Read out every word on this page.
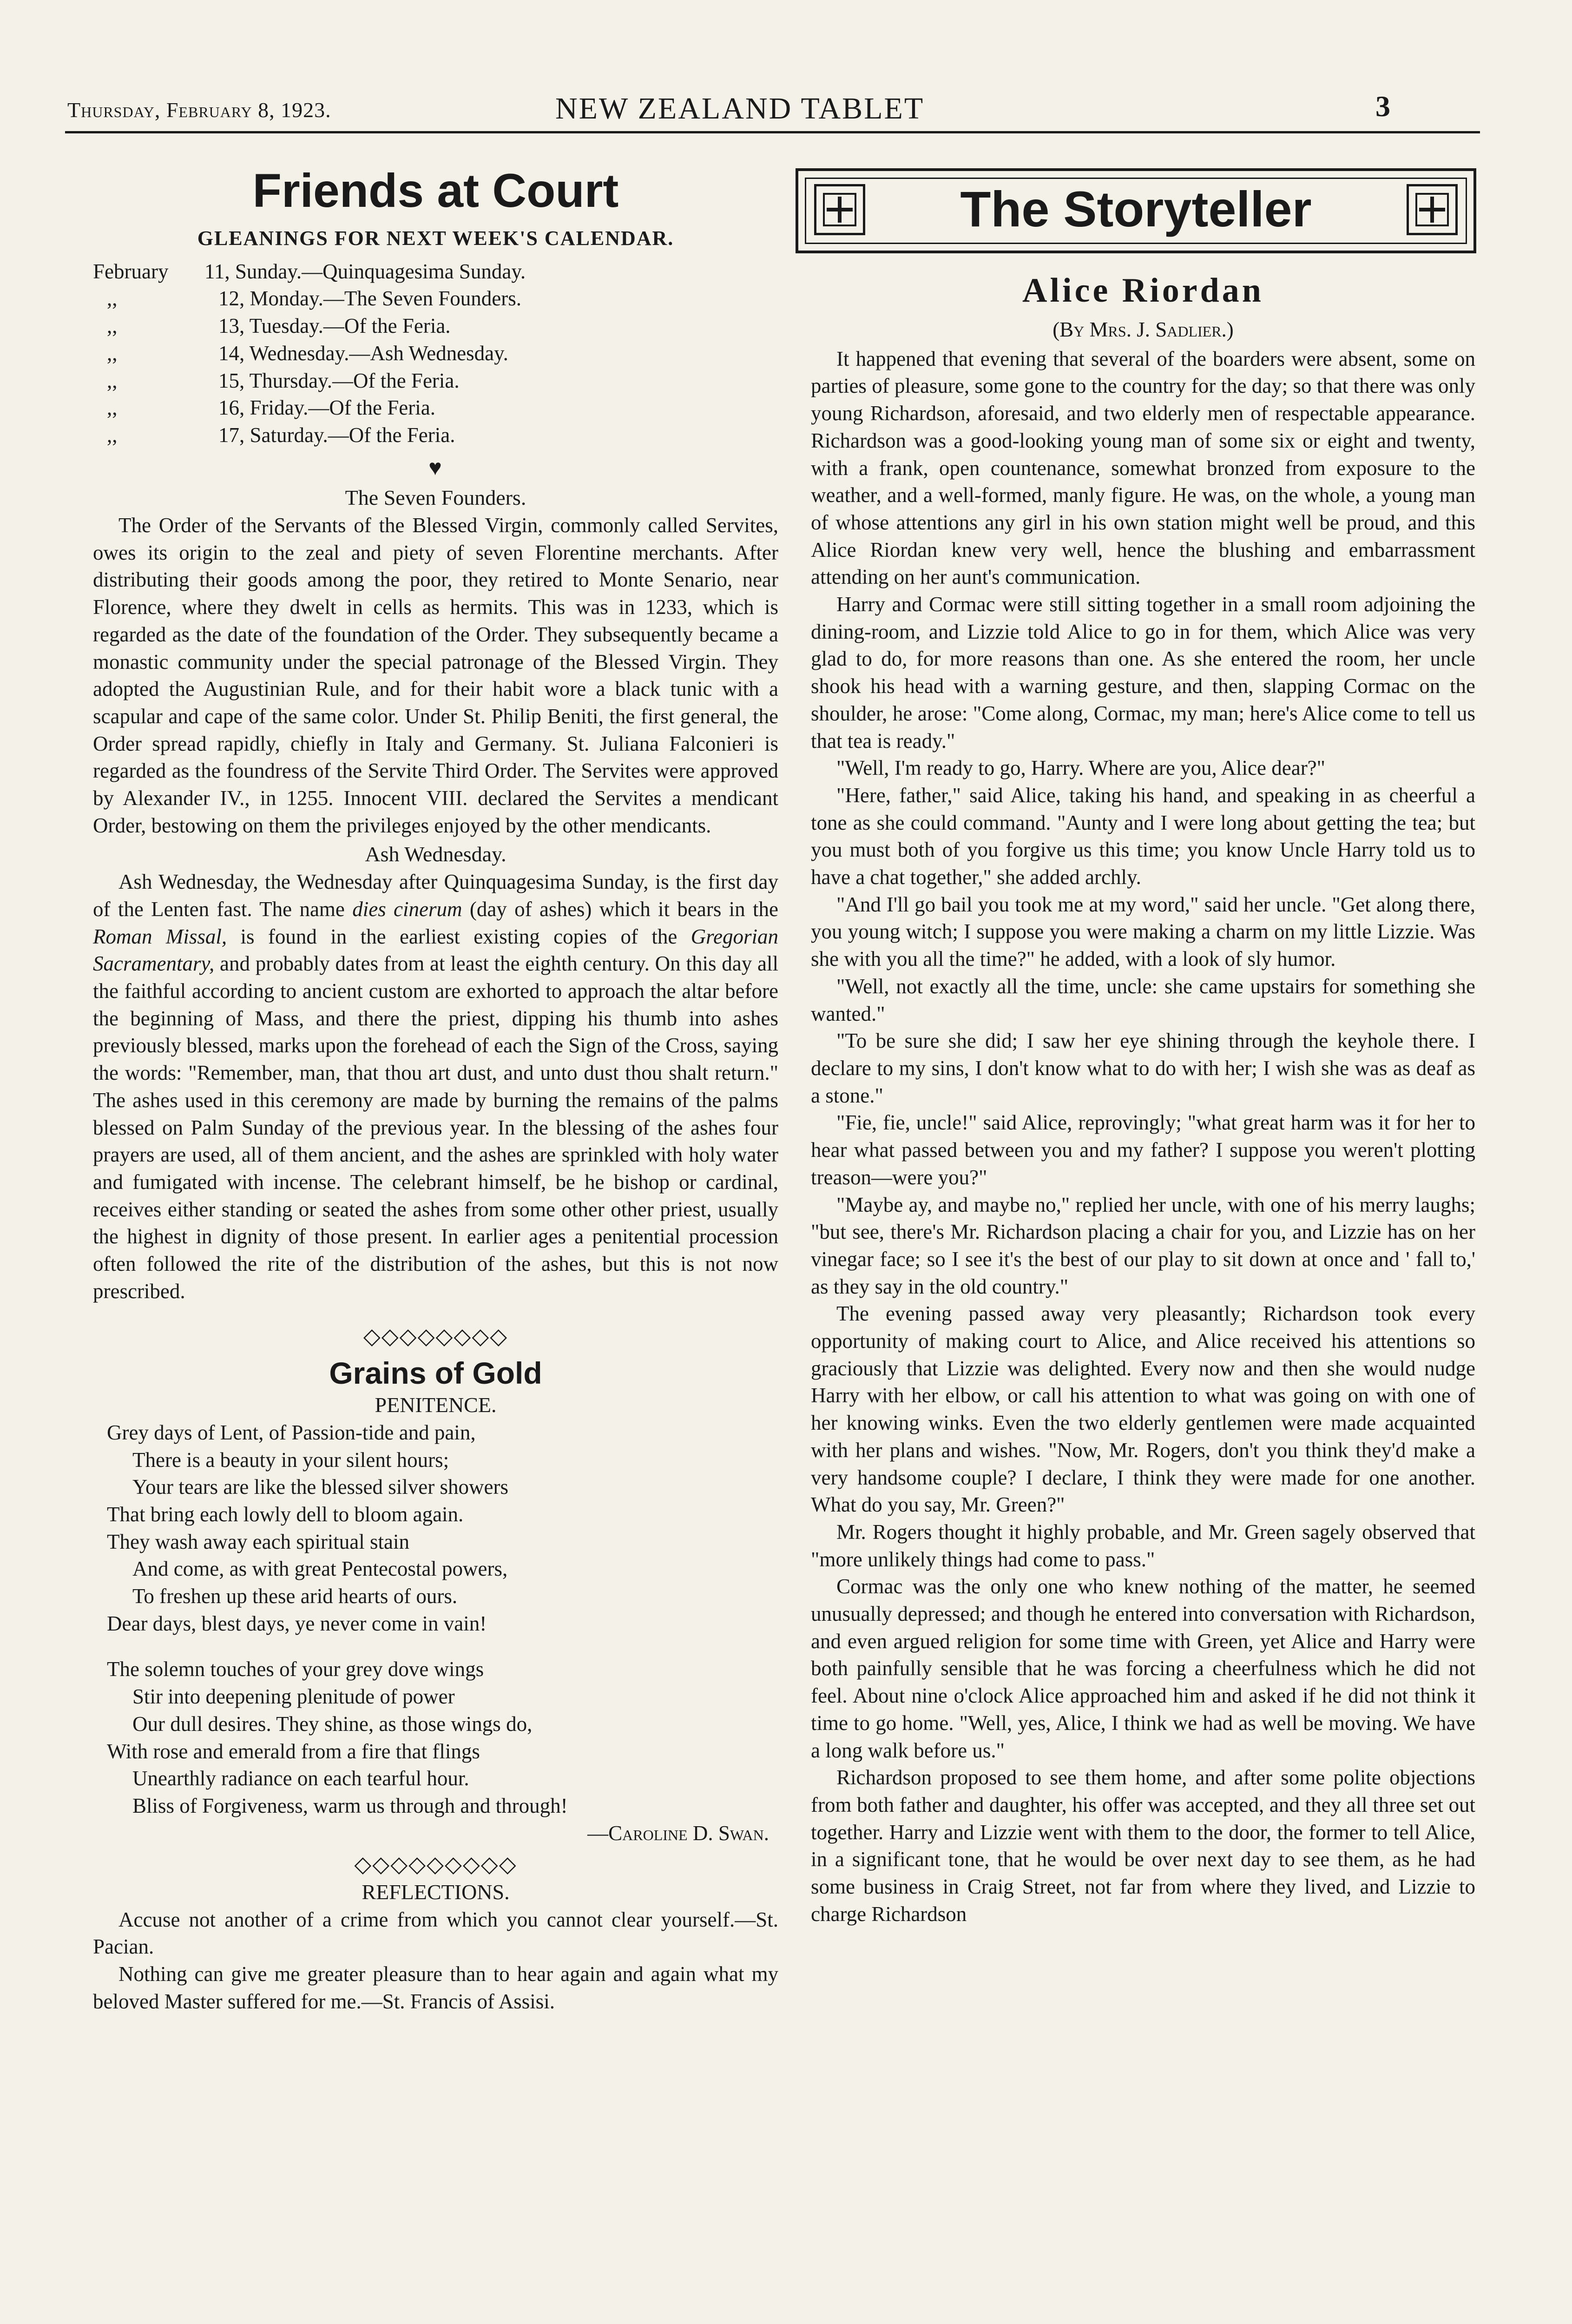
Thursday, February 8, 1923.	NEW ZEALAND TABLET	3
Friends at Court
GLEANINGS FOR NEXT WEEK'S CALENDAR.
February 11, Sunday.—Quinquagesima Sunday.
,,	12, Monday.—The Seven Founders.
,,	13, Tuesday.—Of the Feria.
,,	14, Wednesday.—Ash Wednesday.
,,	15, Thursday.—Of the Feria.
,,	16, Friday.—Of the Feria.
,,	17, Saturday.—Of the Feria.
♥
The Seven Founders.

The Order of the Servants of the Blessed Virgin, commonly called Servites, owes its origin to the zeal and piety of seven Florentine merchants. After distributing their goods among the poor, they retired to Monte Senario, near Florence, where they dwelt in cells as hermits. This was in 1233, which is regarded as the date of the foundation of the Order. They subsequently became a monastic community under the special patronage of the Blessed Virgin. They adopted the Augustinian Rule, and for their habit wore a black tunic with a scapular and cape of the same color. Under St. Philip Beniti, the first general, the Order spread rapidly, chiefly in Italy and Germany. St. Juliana Falconieri is regarded as the foundress of the Servite Third Order. The Servites were approved by Alexander IV., in 1255. Innocent VIII. declared the Servites a mendicant Order, bestowing on them the privileges enjoyed by the other mendicants.

Ash Wednesday.

Ash Wednesday, the Wednesday after Quinquagesima Sunday, is the first day of the Lenten fast. The name dies cinerum (day of ashes) which it bears in the Roman Missal, is found in the earliest existing copies of the Gregorian Sacramentary, and probably dates from at least the eighth century. On this day all the faithful according to ancient custom are exhorted to approach the altar before the beginning of Mass, and there the priest, dipping his thumb into ashes previously blessed, marks upon the forehead of each the Sign of the Cross, saying the words: "Remember, man, that thou art dust, and unto dust thou shalt return." The ashes used in this ceremony are made by burning the remains of the palms blessed on Palm Sunday of the previous year. In the blessing of the ashes four prayers are used, all of them ancient, and the ashes are sprinkled with holy water and fumigated with incense. The celebrant himself, be he bishop or cardinal, receives either standing or seated the ashes from some other other priest, usually the highest in dignity of those present. In earlier ages a penitential procession often followed the rite of the distribution of the ashes, but this is not now prescribed.

◇◇◇◇◇◇◇◇
Grains of Gold
PENITENCE.
Grey days of Lent, of Passion-tide and pain,
There is a beauty in your silent hours;
Your tears are like the blessed silver showers
That bring each lowly dell to bloom again.
They wash away each spiritual stain
And come, as with great Pentecostal powers,
To freshen up these arid hearts of ours.
Dear days, blest days, ye never come in vain!
The solemn touches of your grey dove wings
Stir into deepening plenitude of power
Our dull desires. They shine, as those wings do,
With rose and emerald from a fire that flings
Unearthly radiance on each tearful hour.
Bliss of Forgiveness, warm us through and through!
—Caroline D. Swan.
◇◇◇◇◇◇◇◇◇
REFLECTIONS.

Accuse not another of a crime from which you cannot clear yourself.—St. Pacian.

Nothing can give me greater pleasure than to hear again and again what my beloved Master suffered for me.—St. Francis of Assisi.

The Storyteller
Alice Riordan
(By Mrs. J. Sadlier.)

It happened that evening that several of the boarders were absent, some on parties of pleasure, some gone to the country for the day; so that there was only young Richardson, aforesaid, and two elderly men of respectable appearance. Richardson was a good-looking young man of some six or eight and twenty, with a frank, open countenance, somewhat bronzed from exposure to the weather, and a well-formed, manly figure. He was, on the whole, a young man of whose attentions any girl in his own station might well be proud, and this Alice Riordan knew very well, hence the blushing and embarrassment attending on her aunt's communication.

Harry and Cormac were still sitting together in a small room adjoining the dining-room, and Lizzie told Alice to go in for them, which Alice was very glad to do, for more reasons than one. As she entered the room, her uncle shook his head with a warning gesture, and then, slapping Cormac on the shoulder, he arose: "Come along, Cormac, my man; here's Alice come to tell us that tea is ready."

"Well, I'm ready to go, Harry. Where are you, Alice dear?"

"Here, father," said Alice, taking his hand, and speaking in as cheerful a tone as she could command. "Aunty and I were long about getting the tea; but you must both of you forgive us this time; you know Uncle Harry told us to have a chat together," she added archly.

"And I'll go bail you took me at my word," said her uncle. "Get along there, you young witch; I suppose you were making a charm on my little Lizzie. Was she with you all the time?" he added, with a look of sly humor.

"Well, not exactly all the time, uncle: she came upstairs for something she wanted."

"To be sure she did; I saw her eye shining through the keyhole there. I declare to my sins, I don't know what to do with her; I wish she was as deaf as a stone."

"Fie, fie, uncle!" said Alice, reprovingly; "what great harm was it for her to hear what passed between you and my father? I suppose you weren't plotting treason—were you?"

"Maybe ay, and maybe no," replied her uncle, with one of his merry laughs; "but see, there's Mr. Richardson placing a chair for you, and Lizzie has on her vinegar face; so I see it's the best of our play to sit down at once and ' fall to,' as they say in the old country."

The evening passed away very pleasantly; Richardson took every opportunity of making court to Alice, and Alice received his attentions so graciously that Lizzie was delighted. Every now and then she would nudge Harry with her elbow, or call his attention to what was going on with one of her knowing winks. Even the two elderly gentlemen were made acquainted with her plans and wishes. "Now, Mr. Rogers, don't you think they'd make a very handsome couple? I declare, I think they were made for one another. What do you say, Mr. Green?"

Mr. Rogers thought it highly probable, and Mr. Green sagely observed that "more unlikely things had come to pass."

Cormac was the only one who knew nothing of the matter, he seemed unusually depressed; and though he entered into conversation with Richardson, and even argued religion for some time with Green, yet Alice and Harry were both painfully sensible that he was forcing a cheerfulness which he did not feel. About nine o'clock Alice approached him and asked if he did not think it time to go home. "Well, yes, Alice, I think we had as well be moving. We have a long walk before us."

Richardson proposed to see them home, and after some polite objections from both father and daughter, his offer was accepted, and they all three set out together. Harry and Lizzie went with them to the door, the former to tell Alice, in a significant tone, that he would be over next day to see them, as he had some business in Craig Street, not far from where they lived, and Lizzie to charge Richardson
